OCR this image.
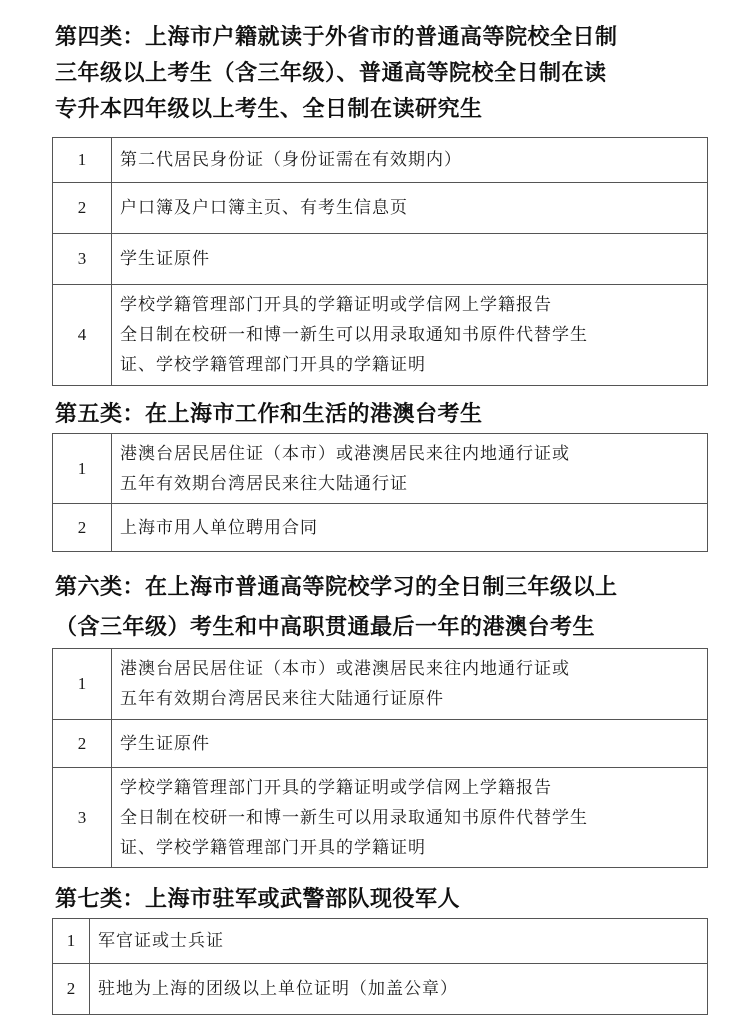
第四类：上海市户籍就读于外省市的普通高等院校全日制
三年级以上考生（含三年级）、普通高等院校全日制在读
专升本四年级以上考生、全日制在读研究生
1	第二代居民身份证（身份证需在有效期内）

2	户口簿及户口簿主页、有考生信息页

3	学生证原件

4	学校学籍管理部门开具的学籍证明或学信网上学籍报告
全日制在校研一和博一新生可以用录取通知书原件代替学生
证、学校学籍管理部门开具的学籍证明
第五类：在上海市工作和生活的港澳台考生
1	港澳台居民居住证（本市）或港澳居民来往内地通行证或
五年有效期台湾居民来往大陆通行证

2	上海市用人单位聘用合同
第六类：在上海市普通高等院校学习的全日制三年级以上
（含三年级）考生和中高职贯通最后一年的港澳台考生
1	港澳台居民居住证（本市）或港澳居民来往内地通行证或
五年有效期台湾居民来往大陆通行证原件

2	学生证原件

3	学校学籍管理部门开具的学籍证明或学信网上学籍报告
全日制在校研一和博一新生可以用录取通知书原件代替学生
证、学校学籍管理部门开具的学籍证明
第七类：上海市驻军或武警部队现役军人
1	军官证或士兵证

2	驻地为上海的团级以上单位证明（加盖公章）
